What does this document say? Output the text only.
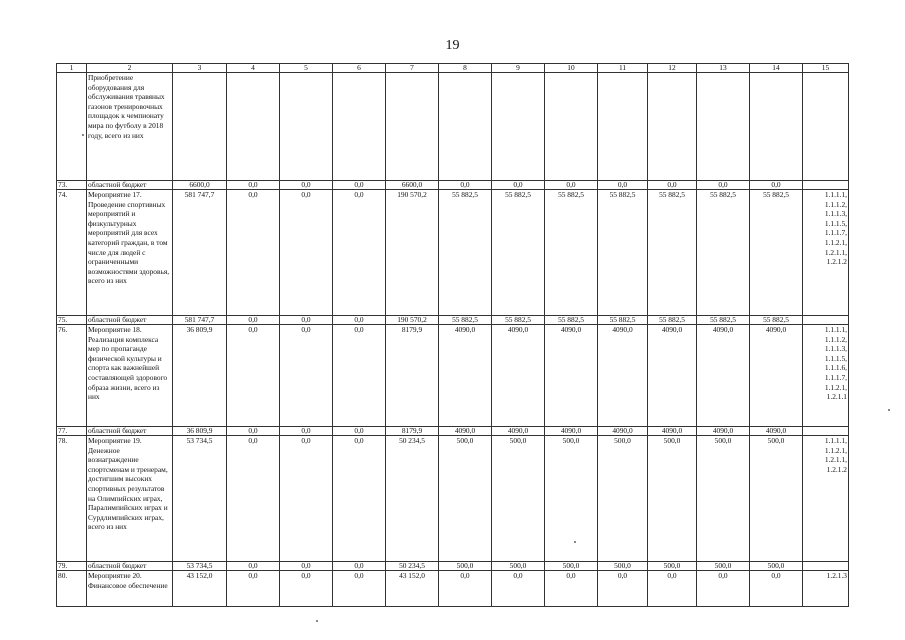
19
1	2	3	4	5	6	7	8	9	10	11	12	13	14	15
	Приобретение оборудования для обслуживания травяных газонов тренировочных площадок к чемпионату мира по футболу в 2018 году, всего из них													
73.	областной бюджет	6600,0	0,0	0,0	0,0	6600,0	0,0	0,0	0,0	0,0	0,0	0,0	0,0	
74.	Мероприятие 17. Проведение спортивных мероприятий и физкультурных мероприятий для всех категорий граждан, в том числе для людей с ограниченными возможностями здоровья, всего из них	581 747,7	0,0	0,0	0,0	190 570,2	55 882,5	55 882,5	55 882,5	55 882,5	55 882,5	55 882,5	55 882,5	1.1.1.1, 1.1.1.2, 1.1.1.3, 1.1.1.5, 1.1.1.7, 1.1.2.1, 1.2.1.1, 1.2.1.2
75.	областной бюджет	581 747,7	0,0	0,0	0,0	190 570,2	55 882,5	55 882,5	55 882,5	55 882,5	55 882,5	55 882,5	55 882,5	
76.	Мероприятие 18. Реализация комплекса мер по пропаганде физической культуры и спорта как важнейшей составляющей здорового образа жизни, всего из них	36 809,9	0,0	0,0	0,0	8179,9	4090,0	4090,0	4090,0	4090,0	4090,0	4090,0	4090,0	1.1.1.1, 1.1.1.2, 1.1.1.3, 1.1.1.5, 1.1.1.6, 1.1.1.7, 1.1.2.1, 1.2.1.1
77.	областной бюджет	36 809,9	0,0	0,0	0,0	8179,9	4090,0	4090,0	4090,0	4090,0	4090,0	4090,0	4090,0	
78.	Мероприятие 19. Денежное вознаграждение спортсменам и тренерам, достигшим высоких спортивных результатов на Олимпийских играх, Паралимпийских играх и Сурдлимпийских играх, всего из них	53 734,5	0,0	0,0	0,0	50 234,5	500,0	500,0	500,0	500,0	500,0	500,0	500,0	1.1.1.1, 1.1.2.1, 1.2.1.1, 1.2.1.2
79.	областной бюджет	53 734,5	0,0	0,0	0,0	50 234,5	500,0	500,0	500,0	500,0	500,0	500,0	500,0	
80.	Мероприятие 20. Финансовое обеспечение	43 152,0	0,0	0,0	0,0	43 152,0	0,0	0,0	0,0	0,0	0,0	0,0	0,0	1.2.1.3
